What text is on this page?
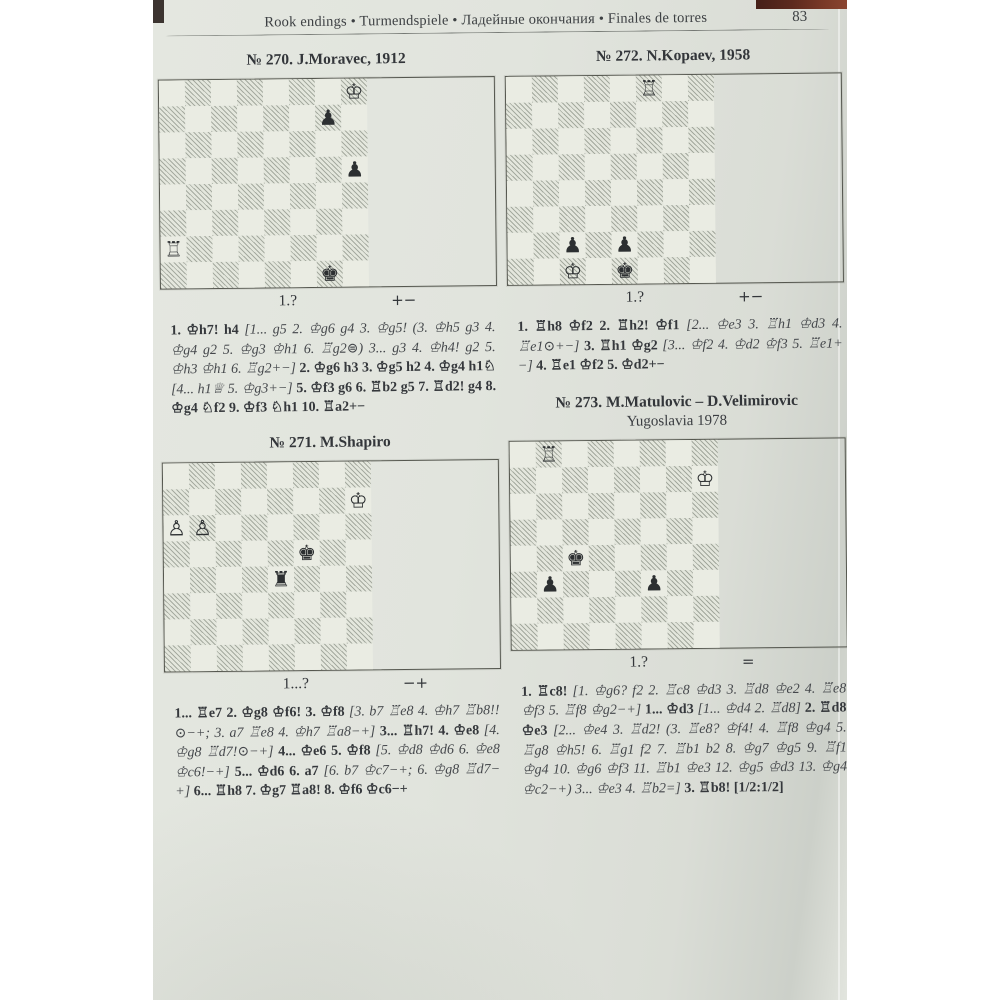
Rook endings • Turmendspiele • Ладейные окончания • Finales de torres	83
№ 270. J.Moravec, 1912
♔
♟
♟
♖
♚
1.?	+−
1. ♔h7! h4 [1... g5 2. ♔g6 g4 3. ♔g5! (3. ♔h5 g3 4. ♔g4 g2 5. ♔g3 ♔h1 6. ♖g2⊜) 3... g3 4. ♔h4! g2 5. ♔h3 ♔h1 6. ♖g2+−] 2. ♔g6 h3 3. ♔g5 h2 4. ♔g4 h1♘ [4... h1♕ 5. ♔g3+−] 5. ♔f3 g6 6. ♖b2 g5 7. ♖d2! g4 8. ♔g4 ♘f2 9. ♔f3 ♘h1 10. ♖a2+−
№ 271. M.Shapiro
♔
♙ ♙
♚
♜
1...?	−+
1... ♖e7 2. ♔g8 ♔f6! 3. ♔f8 [3. b7 ♖e8 4. ♔h7 ♖b8!!⊙−+; 3. a7 ♖e8 4. ♔h7 ♖a8−+] 3... ♖h7! 4. ♔e8 [4. ♔g8 ♖d7!⊙−+] 4... ♔e6 5. ♔f8 [5. ♔d8 ♔d6 6. ♔e8 ♔c6!−+] 5... ♔d6 6. a7 [6. b7 ♔c7−+; 6. ♔g8 ♖d7−+] 6... ♖h8 7. ♔g7 ♖a8! 8. ♔f6 ♔c6−+
№ 272. N.Kopaev, 1958
♖
♟ ♟
♔ ♚
1.?	+−
1. ♖h8 ♔f2 2. ♖h2! ♔f1 [2... ♔e3 3. ♖h1 ♔d3 4. ♖e1⊙+−] 3. ♖h1 ♔g2 [3... ♔f2 4. ♔d2 ♔f3 5. ♖e1+−] 4. ♖e1 ♔f2 5. ♔d2+−
№ 273. M.Matulovic – D.Velimirovic
Yugoslavia 1978
♖
♔
♚
♟	♟
1.?	=
1. ♖c8! [1. ♔g6? f2 2. ♖c8 ♔d3 3. ♖d8 ♔e2 4. ♖e8 ♔f3 5. ♖f8 ♔g2−+] 1... ♔d3 [1... ♔d4 2. ♖d8] 2. ♖d8 ♔e3 [2... ♔e4 3. ♖d2! (3. ♖e8? ♔f4! 4. ♖f8 ♔g4 5. ♖g8 ♔h5! 6. ♖g1 f2 7. ♖b1 b2 8. ♔g7 ♔g5 9. ♖f1 ♔g4 10. ♔g6 ♔f3 11. ♖b1 ♔e3 12. ♔g5 ♔d3 13. ♔g4 ♔c2−+) 3... ♔e3 4. ♖b2=] 3. ♖b8! [1/2:1/2]
